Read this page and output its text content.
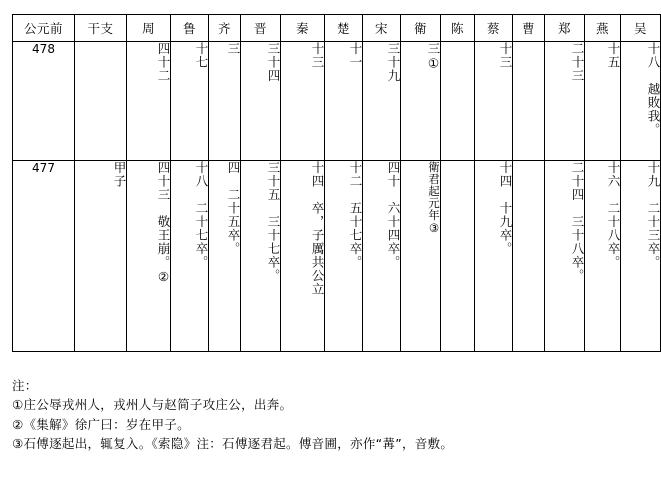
公元前	干支	周	鲁	齐	晋	秦	楚	宋	衛	陈	蔡	曹	郑	燕	吴
478		四十二	十七	三	三十四	十三	十一	三十九	三①		十三		二十三	十五	十八　越敗我。

477	甲子	四十三　敬王崩。②	十八　二十七卒。	四　二十五卒。	三十五　三十七卒。	十四　卒，子厲共公立	十二　五十七卒。	四十　六十四卒。	衛君起元年③		十四　十九卒。		二十四　三十八卒。	十六　二十八卒。	十九　二十三卒。
注：
①庄公辱戎州人，戎州人与赵简子攻庄公，出奔。
②《集解》徐广曰：岁在甲子。
③石傅逐起出，辄复入。《索隐》注：石傅逐君起。傅音圃，亦作“冓”，音敷。
